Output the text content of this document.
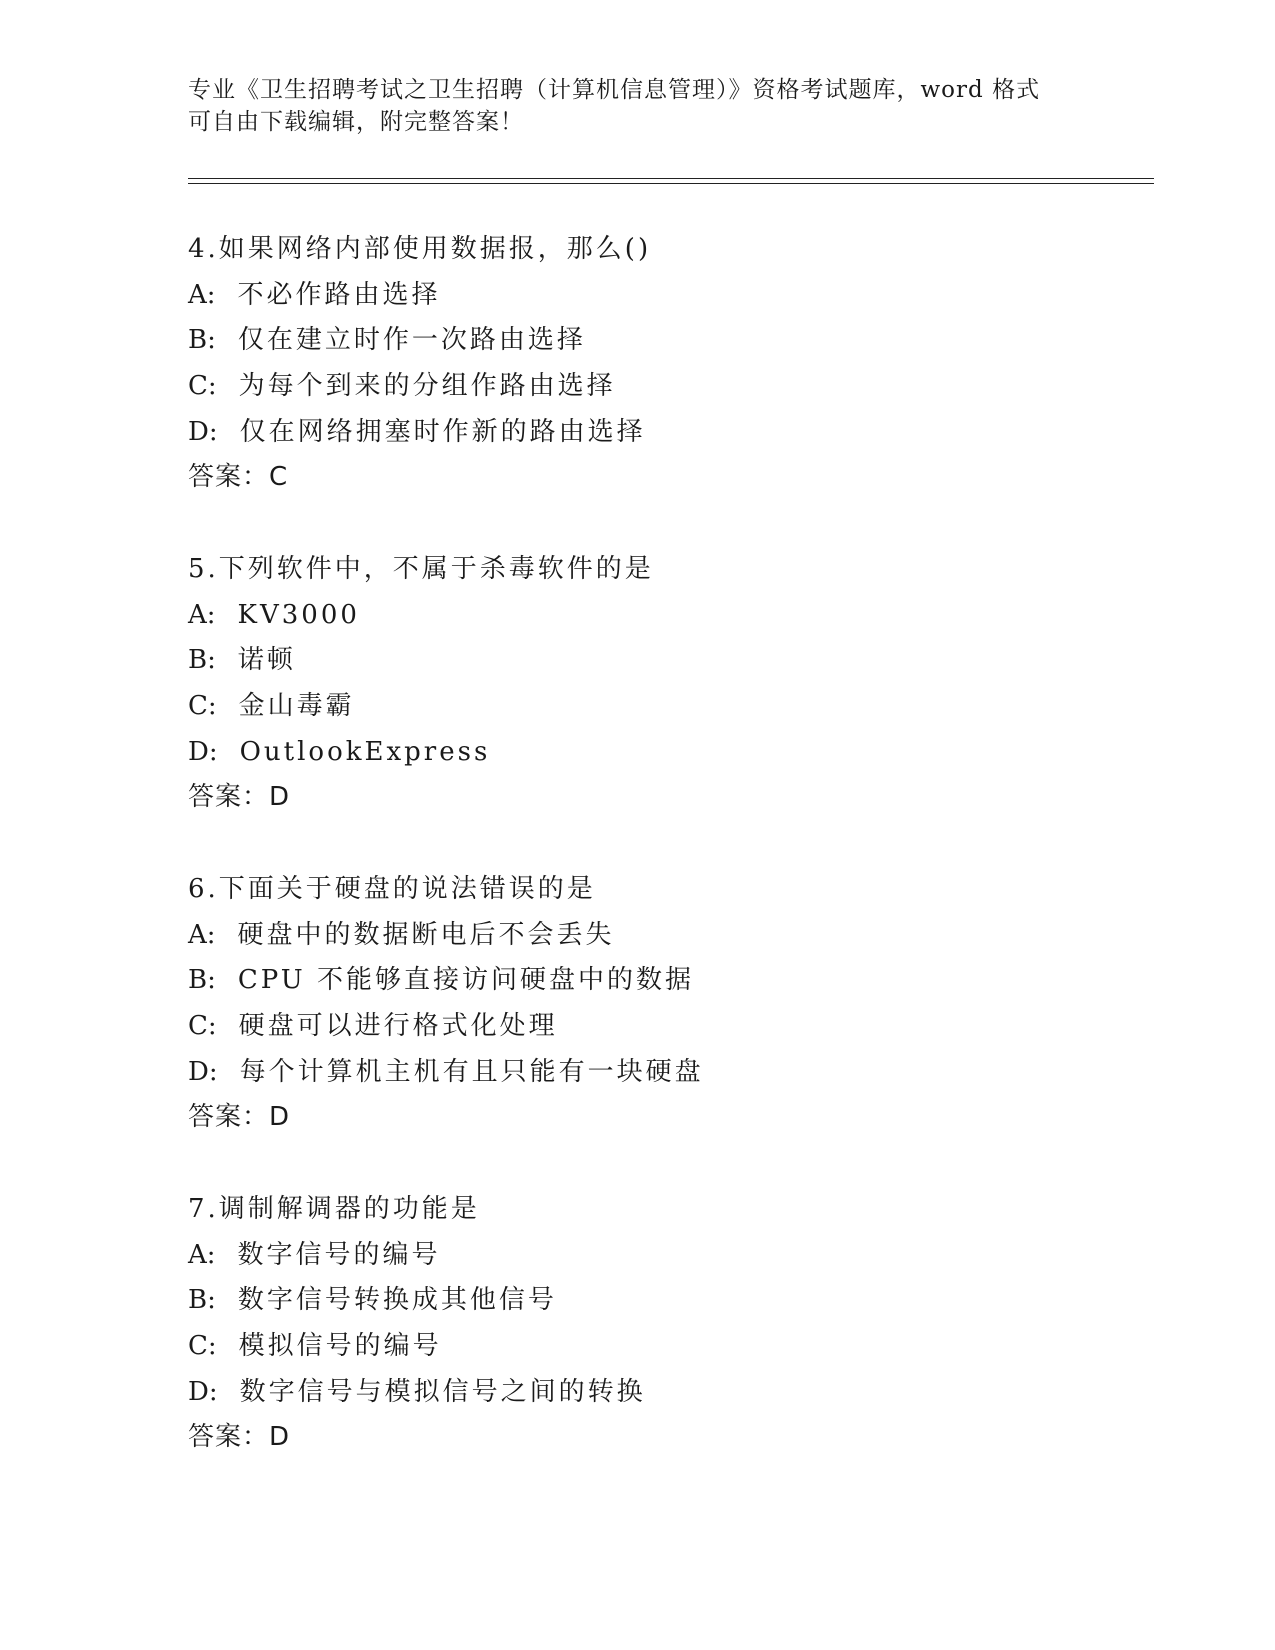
专业《卫生招聘考试之卫生招聘（计算机信息管理）》资格考试题库，word 格式
可自由下载编辑，附完整答案！
4.如果网络内部使用数据报，那么()
A: 不必作路由选择
B: 仅在建立时作一次路由选择
C: 为每个到来的分组作路由选择
D: 仅在网络拥塞时作新的路由选择
答案：C
5.下列软件中，不属于杀毒软件的是
A: KV3000
B: 诺顿
C: 金山毒霸
D: OutlookExpress
答案：D
6.下面关于硬盘的说法错误的是
A: 硬盘中的数据断电后不会丢失
B: CPU 不能够直接访问硬盘中的数据
C: 硬盘可以进行格式化处理
D: 每个计算机主机有且只能有一块硬盘
答案：D
7.调制解调器的功能是
A: 数字信号的编号
B: 数字信号转换成其他信号
C: 模拟信号的编号
D: 数字信号与模拟信号之间的转换
答案：D
